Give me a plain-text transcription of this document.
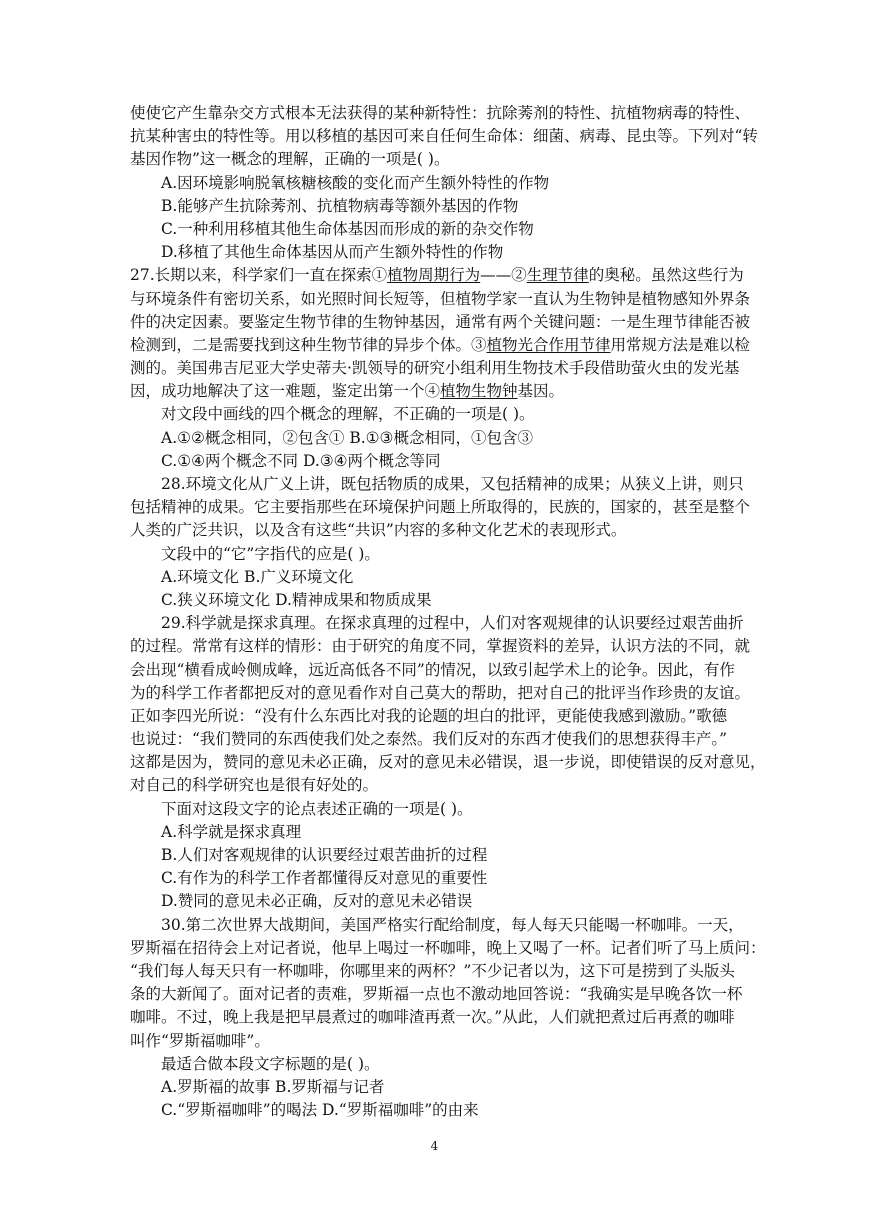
使使它产生靠杂交方式根本无法获得的某种新特性：抗除莠剂的特性、抗植物病毒的特性、
抗某种害虫的特性等。用以移植的基因可来自任何生命体：细菌、病毒、昆虫等。下列对“转
基因作物”这一概念的理解，正确的一项是( )。
A.因环境影响脱氧核糖核酸的变化而产生额外特性的作物
B.能够产生抗除莠剂、抗植物病毒等额外基因的作物
C.一种利用移植其他生命体基因而形成的新的杂交作物
D.移植了其他生命体基因从而产生额外特性的作物
27.长期以来，科学家们一直在探索①植物周期行为——②生理节律的奥秘。虽然这些行为
与环境条件有密切关系，如光照时间长短等，但植物学家一直认为生物钟是植物感知外界条
件的决定因素。要鉴定生物节律的生物钟基因，通常有两个关键问题：一是生理节律能否被
检测到，二是需要找到这种生物节律的异步个体。③植物光合作用节律用常规方法是难以检
测的。美国弗吉尼亚大学史蒂夫·凯领导的研究小组利用生物技术手段借助萤火虫的发光基
因，成功地解决了这一难题，鉴定出第一个④植物生物钟基因。
对文段中画线的四个概念的理解，不正确的一项是( )。
A.①②概念相同，②包含① B.①③概念相同，①包含③
C.①④两个概念不同 D.③④两个概念等同
28.环境文化从广义上讲，既包括物质的成果，又包括精神的成果；从狭义上讲，则只
包括精神的成果。它主要指那些在环境保护问题上所取得的，民族的，国家的，甚至是整个
人类的广泛共识，以及含有这些“共识”内容的多种文化艺术的表现形式。
文段中的“它”字指代的应是( )。
A.环境文化 B.广义环境文化
C.狭义环境文化 D.精神成果和物质成果
29.科学就是探求真理。在探求真理的过程中，人们对客观规律的认识要经过艰苦曲折
的过程。常常有这样的情形：由于研究的角度不同，掌握资料的差异，认识方法的不同，就
会出现“横看成岭侧成峰，远近高低各不同”的情况，以致引起学术上的论争。因此，有作
为的科学工作者都把反对的意见看作对自己莫大的帮助，把对自己的批评当作珍贵的友谊。
正如李四光所说：“没有什么东西比对我的论题的坦白的批评，更能使我感到激励。”歌德
也说过：“我们赞同的东西使我们处之泰然。我们反对的东西才使我们的思想获得丰产。”
这都是因为，赞同的意见未必正确，反对的意见未必错误，退一步说，即使错误的反对意见，
对自己的科学研究也是很有好处的。
下面对这段文字的论点表述正确的一项是( )。
A.科学就是探求真理
B.人们对客观规律的认识要经过艰苦曲折的过程
C.有作为的科学工作者都懂得反对意见的重要性
D.赞同的意见未必正确，反对的意见未必错误
30.第二次世界大战期间，美国严格实行配给制度，每人每天只能喝一杯咖啡。一天，
罗斯福在招待会上对记者说，他早上喝过一杯咖啡，晚上又喝了一杯。记者们听了马上质问：
“我们每人每天只有一杯咖啡，你哪里来的两杯？”不少记者以为，这下可是捞到了头版头
条的大新闻了。面对记者的责难，罗斯福一点也不激动地回答说：“我确实是早晚各饮一杯
咖啡。不过，晚上我是把早晨煮过的咖啡渣再煮一次。”从此，人们就把煮过后再煮的咖啡
叫作“罗斯福咖啡”。
最适合做本段文字标题的是( )。
A.罗斯福的故事 B.罗斯福与记者
C.“罗斯福咖啡”的喝法 D.“罗斯福咖啡”的由来
4
